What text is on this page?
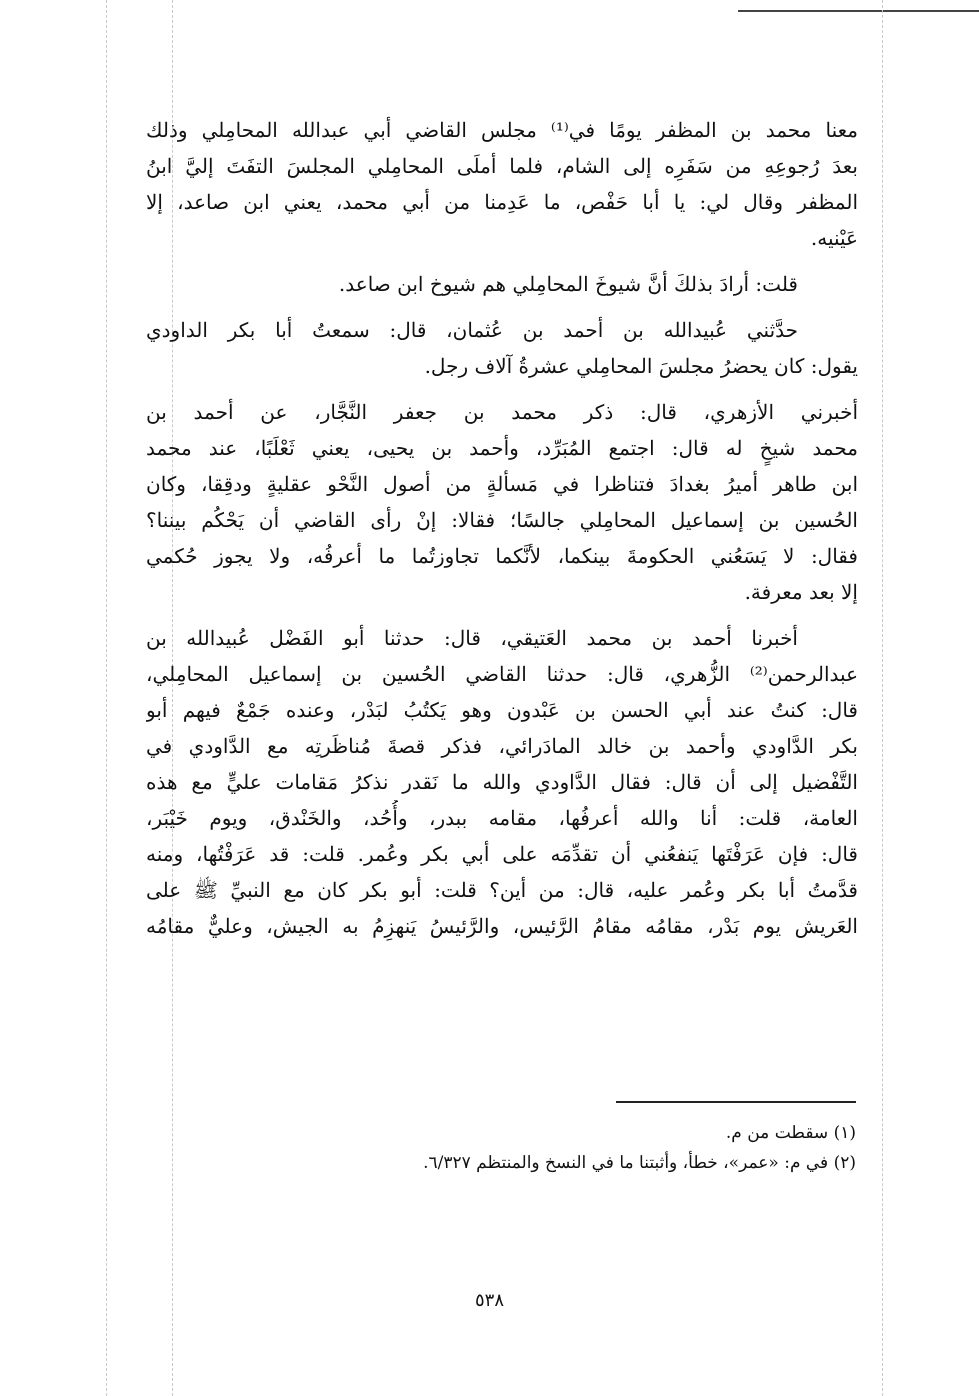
معنا محمد بن المظفر يومًا في⁽¹⁾ مجلس القاضي أبي عبدالله المحامِلي وذلك
بعدَ رُجوعِهِ من سَفَرِه إلى الشام، فلما أملَى المحامِلي المجلسَ التفَتَ إليَّ ابنُ
المظفر وقال لي: يا أبا حَفْص، ما عَدِمنا من أبي محمد، يعني ابن صاعد، إلا
عَيْنيه.
قلت: أرادَ بذلكَ أنَّ شيوخَ المحامِلي هم شيوخ ابن صاعد.
حدَّثني عُبيدالله بن أحمد بن عُثمان، قال: سمعتُ أبا بكر الداودي
يقول: كان يحضرُ مجلسَ المحامِلي عشرةُ آلاف رجل.
أخبرني الأزهري، قال: ذكر محمد بن جعفر النَّجَّار، عن أحمد بن
محمد شيخٍ له قال: اجتمع المُبَرِّد، وأحمد بن يحيى، يعني ثَعْلَبًا، عند محمد
ابن طاهر أميرُ بغدادَ فتناظرا في مَسألةٍ من أصول النَّحْو عقليةٍ ودقِقا، وكان
الحُسين بن إسماعيل المحامِلي جالسًا؛ فقالا: إنْ رأى القاضي أن يَحْكُم بيننا؟
فقال: لا يَسَعُني الحكومةَ بينكما، لأنَّكما تجاوزتُما ما أعرفُه، ولا يجوز حُكمي
إلا بعد معرفة.
أخبرنا أحمد بن محمد العَتيقي، قال: حدثنا أبو الفَضْل عُبيدالله بن
عبدالرحمن⁽²⁾ الزُّهري، قال: حدثنا القاضي الحُسين بن إسماعيل المحامِلي،
قال: كنتُ عند أبي الحسن بن عَبْدون وهو يَكتُبُ لبَدْر، وعنده جَمْعٌ فيهم أبو
بكر الدَّاودي وأحمد بن خالد المادَرائي، فذكر قصةَ مُناظَرتِه مع الدَّاودي في
التَّفْضيل إلى أن قال: فقال الدَّاودي والله ما نَقدر نذكرُ مَقامات عليٍّ مع هذه
العامة، قلت: أنا والله أعرفُها، مقامه ببدر، وأُحُد، والخَنْدق، ويوم خَيْبَر،
قال: فإن عَرَفْتَها يَنفعُني أن تقدِّمَه على أبي بكر وعُمر. قلت: قد عَرَفْتُها، ومنه
قدَّمتُ أبا بكر وعُمر عليه، قال: من أين؟ قلت: أبو بكر كان مع النبيِّ ﷺ على
العَريش يوم بَدْر، مقامُه مقامُ الرَّئيس، والرَّئيسُ يَنهزِمُ به الجيش، وعليٌّ مقامُه
(١) سقطت من م.
(٢) في م: «عمر»، خطأ، وأثبتنا ما في النسخ والمنتظم ٦/٣٢٧.
٥٣٨
